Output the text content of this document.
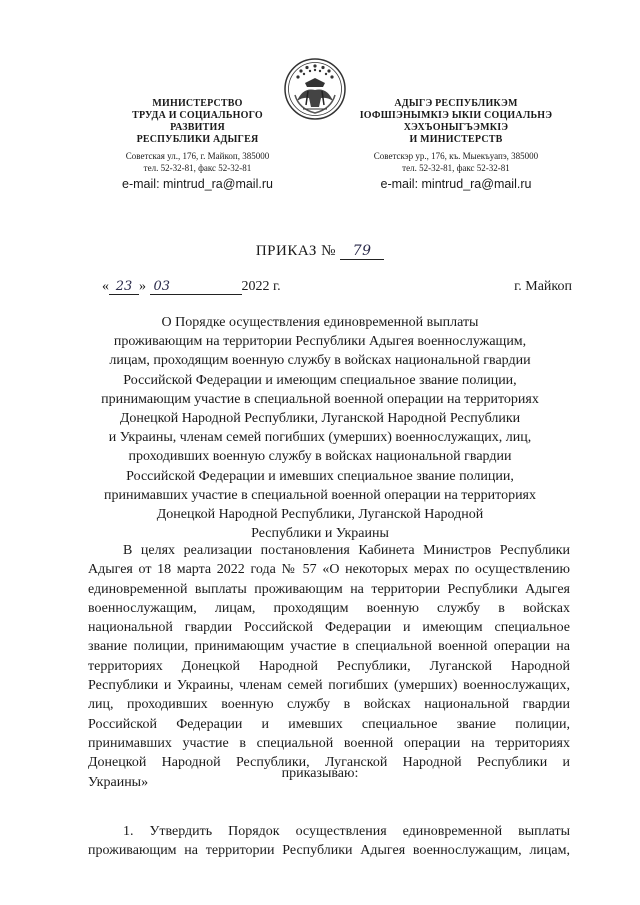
МИНИСТЕРСТВО
ТРУДА И СОЦИАЛЬНОГО
РАЗВИТИЯ
РЕСПУБЛИКИ АДЫГЕЯ
Советская ул., 176, г. Майкоп, 385000
тел. 52-32-81, факс 52-32-81
e-mail: mintrud_ra@mail.ru
АДЫГЭ РЕСПУБЛИКЭМ
IОФШIЭНЫМКIЭ ЫКIИ СОЦИАЛЬНЭ
ХЭХЪОНЫГЪЭМКIЭ
И МИНИСТЕРСТВ
Советскэр ур., 176, къ. Мыекъуапэ, 385000
тел. 52-32-81, факс 52-32-81
e-mail: mintrud_ra@mail.ru
ПРИКАЗ № 79
« 23 » 03	2022 г.	г. Майкоп
О Порядке осуществления единовременной выплаты
проживающим на территории Республики Адыгея военнослужащим,
лицам, проходящим военную службу в войсках национальной гвардии
Российской Федерации и имеющим специальное звание полиции,
принимающим участие в специальной военной операции на территориях
Донецкой Народной Республики, Луганской Народной Республики
и Украины, членам семей погибших (умерших) военнослужащих, лиц,
проходивших военную службу в войсках национальной гвардии
Российской Федерации и имевших специальное звание полиции,
принимавших участие в специальной военной операции на территориях
Донецкой Народной Республики, Луганской Народной
Республики и Украины
В целях реализации постановления Кабинета Министров Республики
Адыгея от 18 марта 2022 года № 57 «О некоторых мерах по осуществлению
единовременной выплаты проживающим на территории Республики Адыгея
военнослужащим, лицам, проходящим военную службу в войсках
национальной гвардии Российской Федерации и имеющим специальное
звание полиции, принимающим участие в специальной военной операции на
территориях Донецкой Народной Республики, Луганской Народной
Республики и Украины, членам семей погибших (умерших) военнослужащих,
лиц, проходивших военную службу в войсках национальной гвардии
Российской Федерации и имевших специальное звание полиции,
принимавших участие в специальной военной операции на территориях
Донецкой Народной Республики, Луганской Народной Республики и
Украины»
приказываю:
1. Утвердить Порядок осуществления единовременной выплаты
проживающим на территории Республики Адыгея военнослужащим, лицам,
